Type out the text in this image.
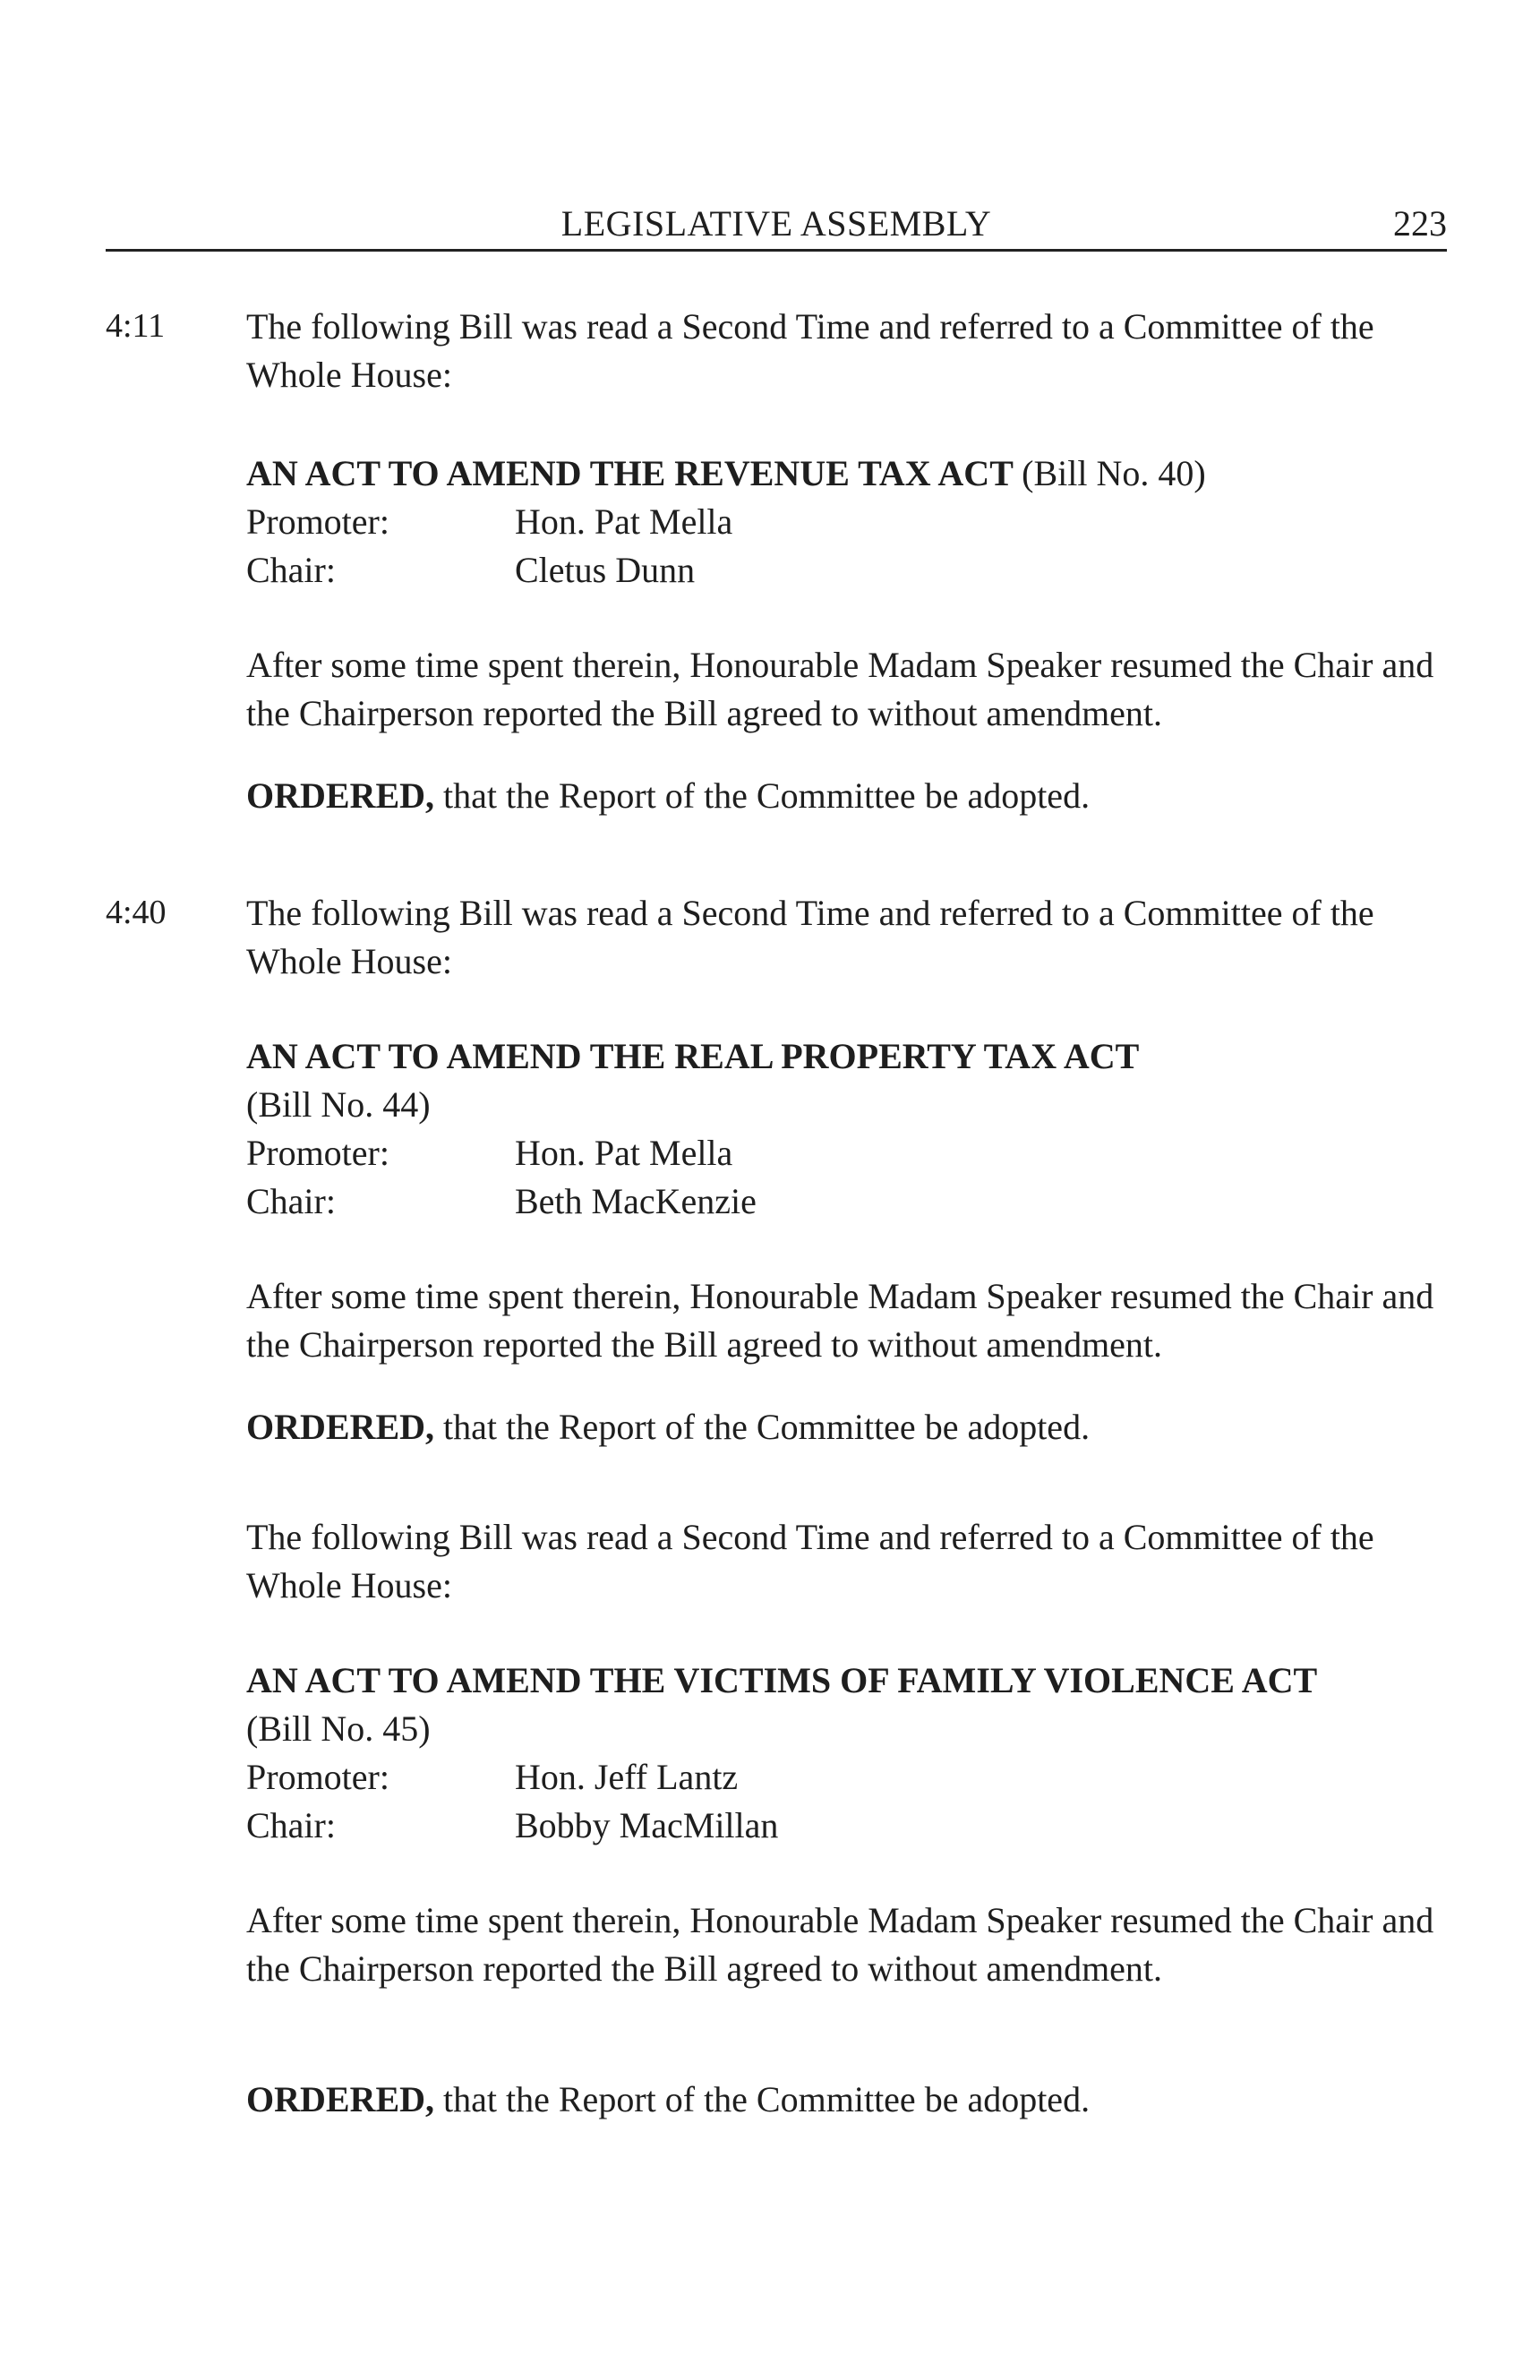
LEGISLATIVE ASSEMBLY	223
4:11 The following Bill was read a Second Time and referred to a Committee of the Whole House:

AN ACT TO AMEND THE REVENUE TAX ACT (Bill No. 40)

Promoter:	Hon. Pat Mella
Chair:	Cletus Dunn

After some time spent therein, Honourable Madam Speaker resumed the Chair and the Chairperson reported the Bill agreed to without amendment.

ORDERED, that the Report of the Committee be adopted.

4:40 The following Bill was read a Second Time and referred to a Committee of the Whole House:

AN ACT TO AMEND THE REAL PROPERTY TAX ACT

(Bill No. 44)

Promoter:	Hon. Pat Mella
Chair:	Beth MacKenzie

After some time spent therein, Honourable Madam Speaker resumed the Chair and the Chairperson reported the Bill agreed to without amendment.

ORDERED, that the Report of the Committee be adopted.

The following Bill was read a Second Time and referred to a Committee of the Whole House:

AN ACT TO AMEND THE VICTIMS OF FAMILY VIOLENCE ACT

(Bill No. 45)

Promoter:	Hon. Jeff Lantz
Chair:	Bobby MacMillan

After some time spent therein, Honourable Madam Speaker resumed the Chair and the Chairperson reported the Bill agreed to without amendment.

ORDERED, that the Report of the Committee be adopted.
